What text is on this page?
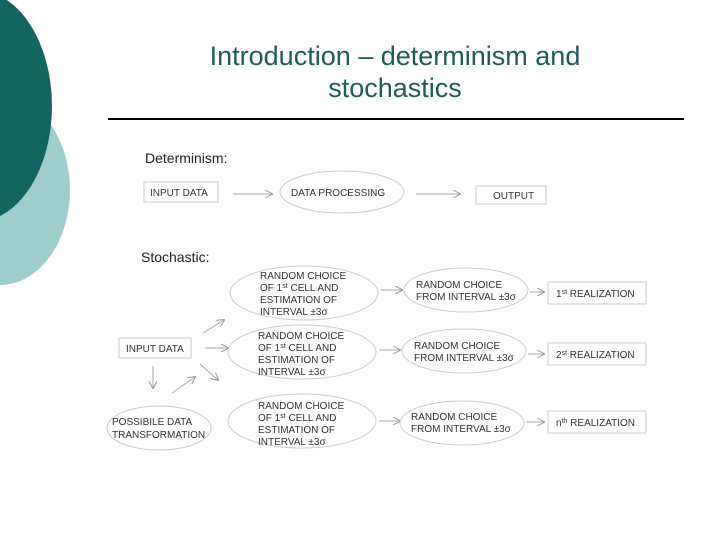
Introduction – determinism and
stochastics
Determinism:
INPUT DATA	DATA PROCESSING	OUTPUT
Stochastic:
INPUT DATA
POSSIBILE DATA
TRANSFORMATION
RANDOM CHOICE
OF 1st CELL AND
ESTIMATION OF
INTERVAL ±3σ
RANDOM CHOICE
FROM INTERVAL ±3σ	1st REALIZATION
RANDOM CHOICE
OF 1st CELL AND
ESTIMATION OF
INTERVAL ±3σ
RANDOM CHOICE
FROM INTERVAL ±3σ	2st REALIZATION
RANDOM CHOICE
OF 1st CELL AND
ESTIMATION OF
INTERVAL ±3σ
RANDOM CHOICE
FROM INTERVAL ±3σ
$n^{th}$ REALIZATION
